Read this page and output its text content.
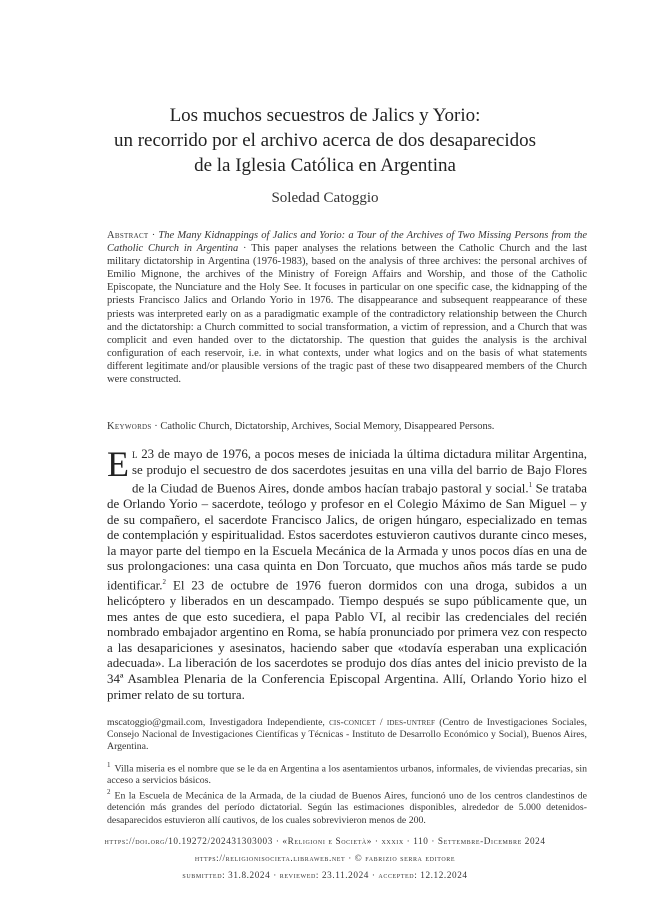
Los muchos secuestros de Jalics y Yorio:
un recorrido por el archivo acerca de dos desaparecidos
de la Iglesia Católica en Argentina
Soledad Catoggio
Abstract · The Many Kidnappings of Jalics and Yorio: a Tour of the Archives of Two Missing Persons from the Catholic Church in Argentina · This paper analyses the relations between the Catholic Church and the last military dictatorship in Argentina (1976-1983), based on the analysis of three archives: the personal archives of Emilio Mignone, the archives of the Ministry of Foreign Affairs and Worship, and those of the Catholic Episcopate, the Nunciature and the Holy See. It focuses in particular on one specific case, the kidnapping of the priests Francisco Jalics and Orlando Yorio in 1976. The disappearance and subsequent reappearance of these priests was interpreted early on as a paradigmatic example of the contradictory relationship between the Church and the dictatorship: a Church committed to social transformation, a victim of repression, and a Church that was complicit and even handed over to the dictatorship. The question that guides the analysis is the archival configuration of each reservoir, i.e. in what contexts, under what logics and on the basis of what statements different legitimate and/or plausible versions of the tragic past of these two disappeared members of the Church were constructed.
Keywords · Catholic Church, Dictatorship, Archives, Social Memory, Disappeared Persons.
El 23 de mayo de 1976, a pocos meses de iniciada la última dictadura militar Argentina, se produjo el secuestro de dos sacerdotes jesuitas en una villa del barrio de Bajo Flores de la Ciudad de Buenos Aires, donde ambos hacían trabajo pastoral y social.$^1$ Se trataba de Orlando Yorio – sacerdote, teólogo y profesor en el Colegio Máximo de San Miguel – y de su compañero, el sacerdote Francisco Jalics, de origen húngaro, especializado en temas de contemplación y espiritualidad. Estos sacerdotes estuvieron cautivos durante cinco meses, la mayor parte del tiempo en la Escuela Mecánica de la Armada y unos pocos días en una de sus prolongaciones: una casa quinta en Don Torcuato, que muchos años más tarde se pudo identificar.$^2$ El 23 de octubre de 1976 fueron dormidos con una droga, subidos a un helicóptero y liberados en un descampado. Tiempo después se supo públicamente que, un mes antes de que esto sucediera, el papa Pablo VI, al recibir las credenciales del recién nombrado embajador argentino en Roma, se había pronunciado por primera vez con respecto a las desapariciones y asesinatos, haciendo saber que «todavía esperaban una explicación adecuada». La liberación de los sacerdotes se produjo dos días antes del inicio previsto de la 34ª Asamblea Plenaria de la Conferencia Episcopal Argentina. Allí, Orlando Yorio hizo el primer relato de su tortura.
mscatoggio@gmail.com, Investigadora Independiente, cis-conicet / ides-untref (Centro de Investigaciones Sociales, Consejo Nacional de Investigaciones Científicas y Técnicas - Instituto de Desarrollo Económico y Social), Buenos Aires, Argentina.
$^1$ Villa miseria es el nombre que se le da en Argentina a los asentamientos urbanos, informales, de viviendas precarias, sin acceso a servicios básicos.
$^2$ En la Escuela de Mecánica de la Armada, de la ciudad de Buenos Aires, funcionó uno de los centros clandestinos de detención más grandes del período dictatorial. Según las estimaciones disponibles, alrededor de 5.000 detenidos-desaparecidos estuvieron allí cautivos, de los cuales sobrevivieron menos de 200.
https://doi.org/10.19272/202431303003 · «Religioni e Società» · xxxix · 110 · Settembre-Dicembre 2024
https://religionisocieta.libraweb.net · © fabrizio serra editore
submitted: 31.8.2024 · reviewed: 23.11.2024 · accepted: 12.12.2024
